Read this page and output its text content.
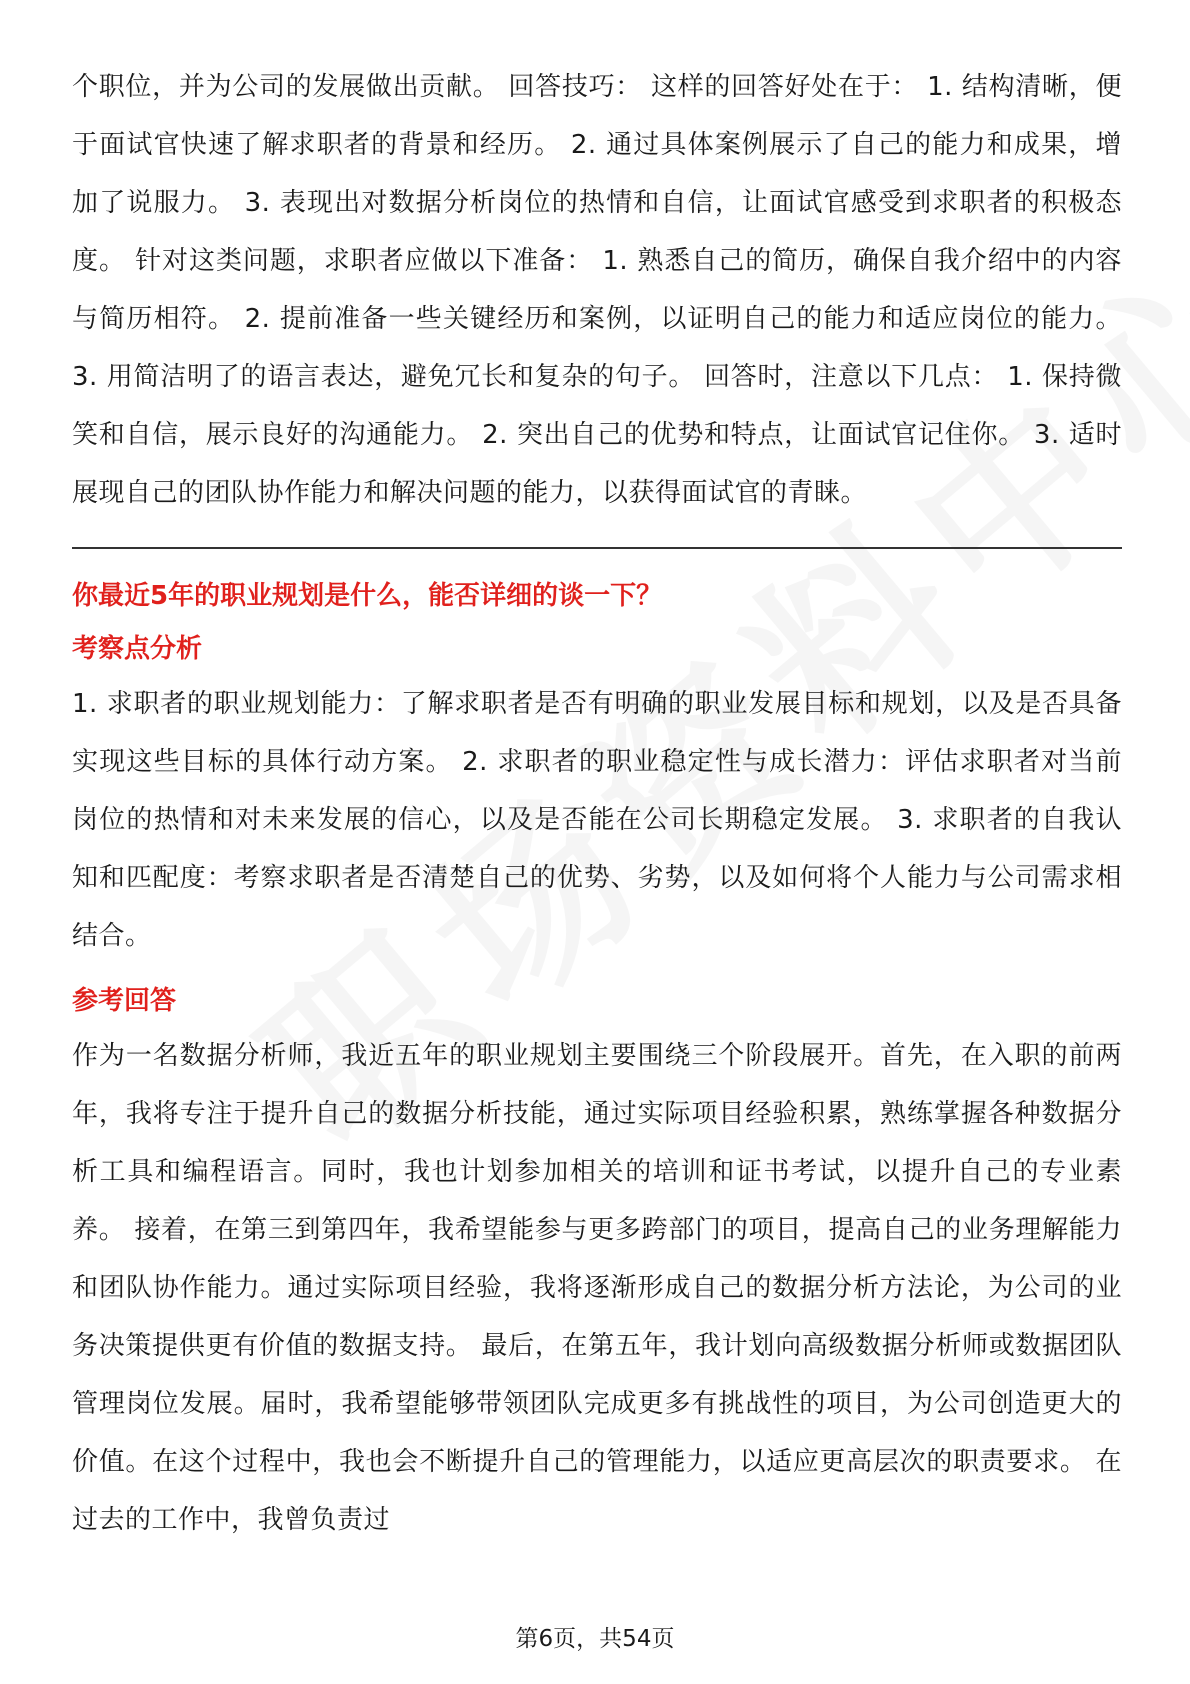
个职位，并为公司的发展做出贡献。 回答技巧： 这样的回答好处在于： 1. 结构清晰，便于面试官快速了解求职者的背景和经历。 2. 通过具体案例展示了自己的能力和成果，增加了说服力。 3. 表现出对数据分析岗位的热情和自信，让面试官感受到求职者的积极态度。 针对这类问题，求职者应做以下准备： 1. 熟悉自己的简历，确保自我介绍中的内容与简历相符。 2. 提前准备一些关键经历和案例，以证明自己的能力和适应岗位的能力。 3. 用简洁明了的语言表达，避免冗长和复杂的句子。 回答时，注意以下几点： 1. 保持微笑和自信，展示良好的沟通能力。 2. 突出自己的优势和特点，让面试官记住你。 3. 适时展现自己的团队协作能力和解决问题的能力，以获得面试官的青睐。

你最近5年的职业规划是什么，能否详细的谈一下？

考察点分析

1. 求职者的职业规划能力：了解求职者是否有明确的职业发展目标和规划，以及是否具备实现这些目标的具体行动方案。 2. 求职者的职业稳定性与成长潜力：评估求职者对当前岗位的热情和对未来发展的信心，以及是否能在公司长期稳定发展。 3. 求职者的自我认知和匹配度：考察求职者是否清楚自己的优势、劣势，以及如何将个人能力与公司需求相结合。

参考回答

作为一名数据分析师，我近五年的职业规划主要围绕三个阶段展开。首先，在入职的前两年，我将专注于提升自己的数据分析技能，通过实际项目经验积累，熟练掌握各种数据分析工具和编程语言。同时，我也计划参加相关的培训和证书考试，以提升自己的专业素养。 接着，在第三到第四年，我希望能参与更多跨部门的项目，提高自己的业务理解能力和团队协作能力。通过实际项目经验，我将逐渐形成自己的数据分析方法论，为公司的业务决策提供更有价值的数据支持。 最后，在第五年，我计划向高级数据分析师或数据团队管理岗位发展。届时，我希望能够带领团队完成更多有挑战性的项目，为公司创造更大的价值。在这个过程中，我也会不断提升自己的管理能力，以适应更高层次的职责要求。 在过去的工作中，我曾负责过

第6页，共54页
